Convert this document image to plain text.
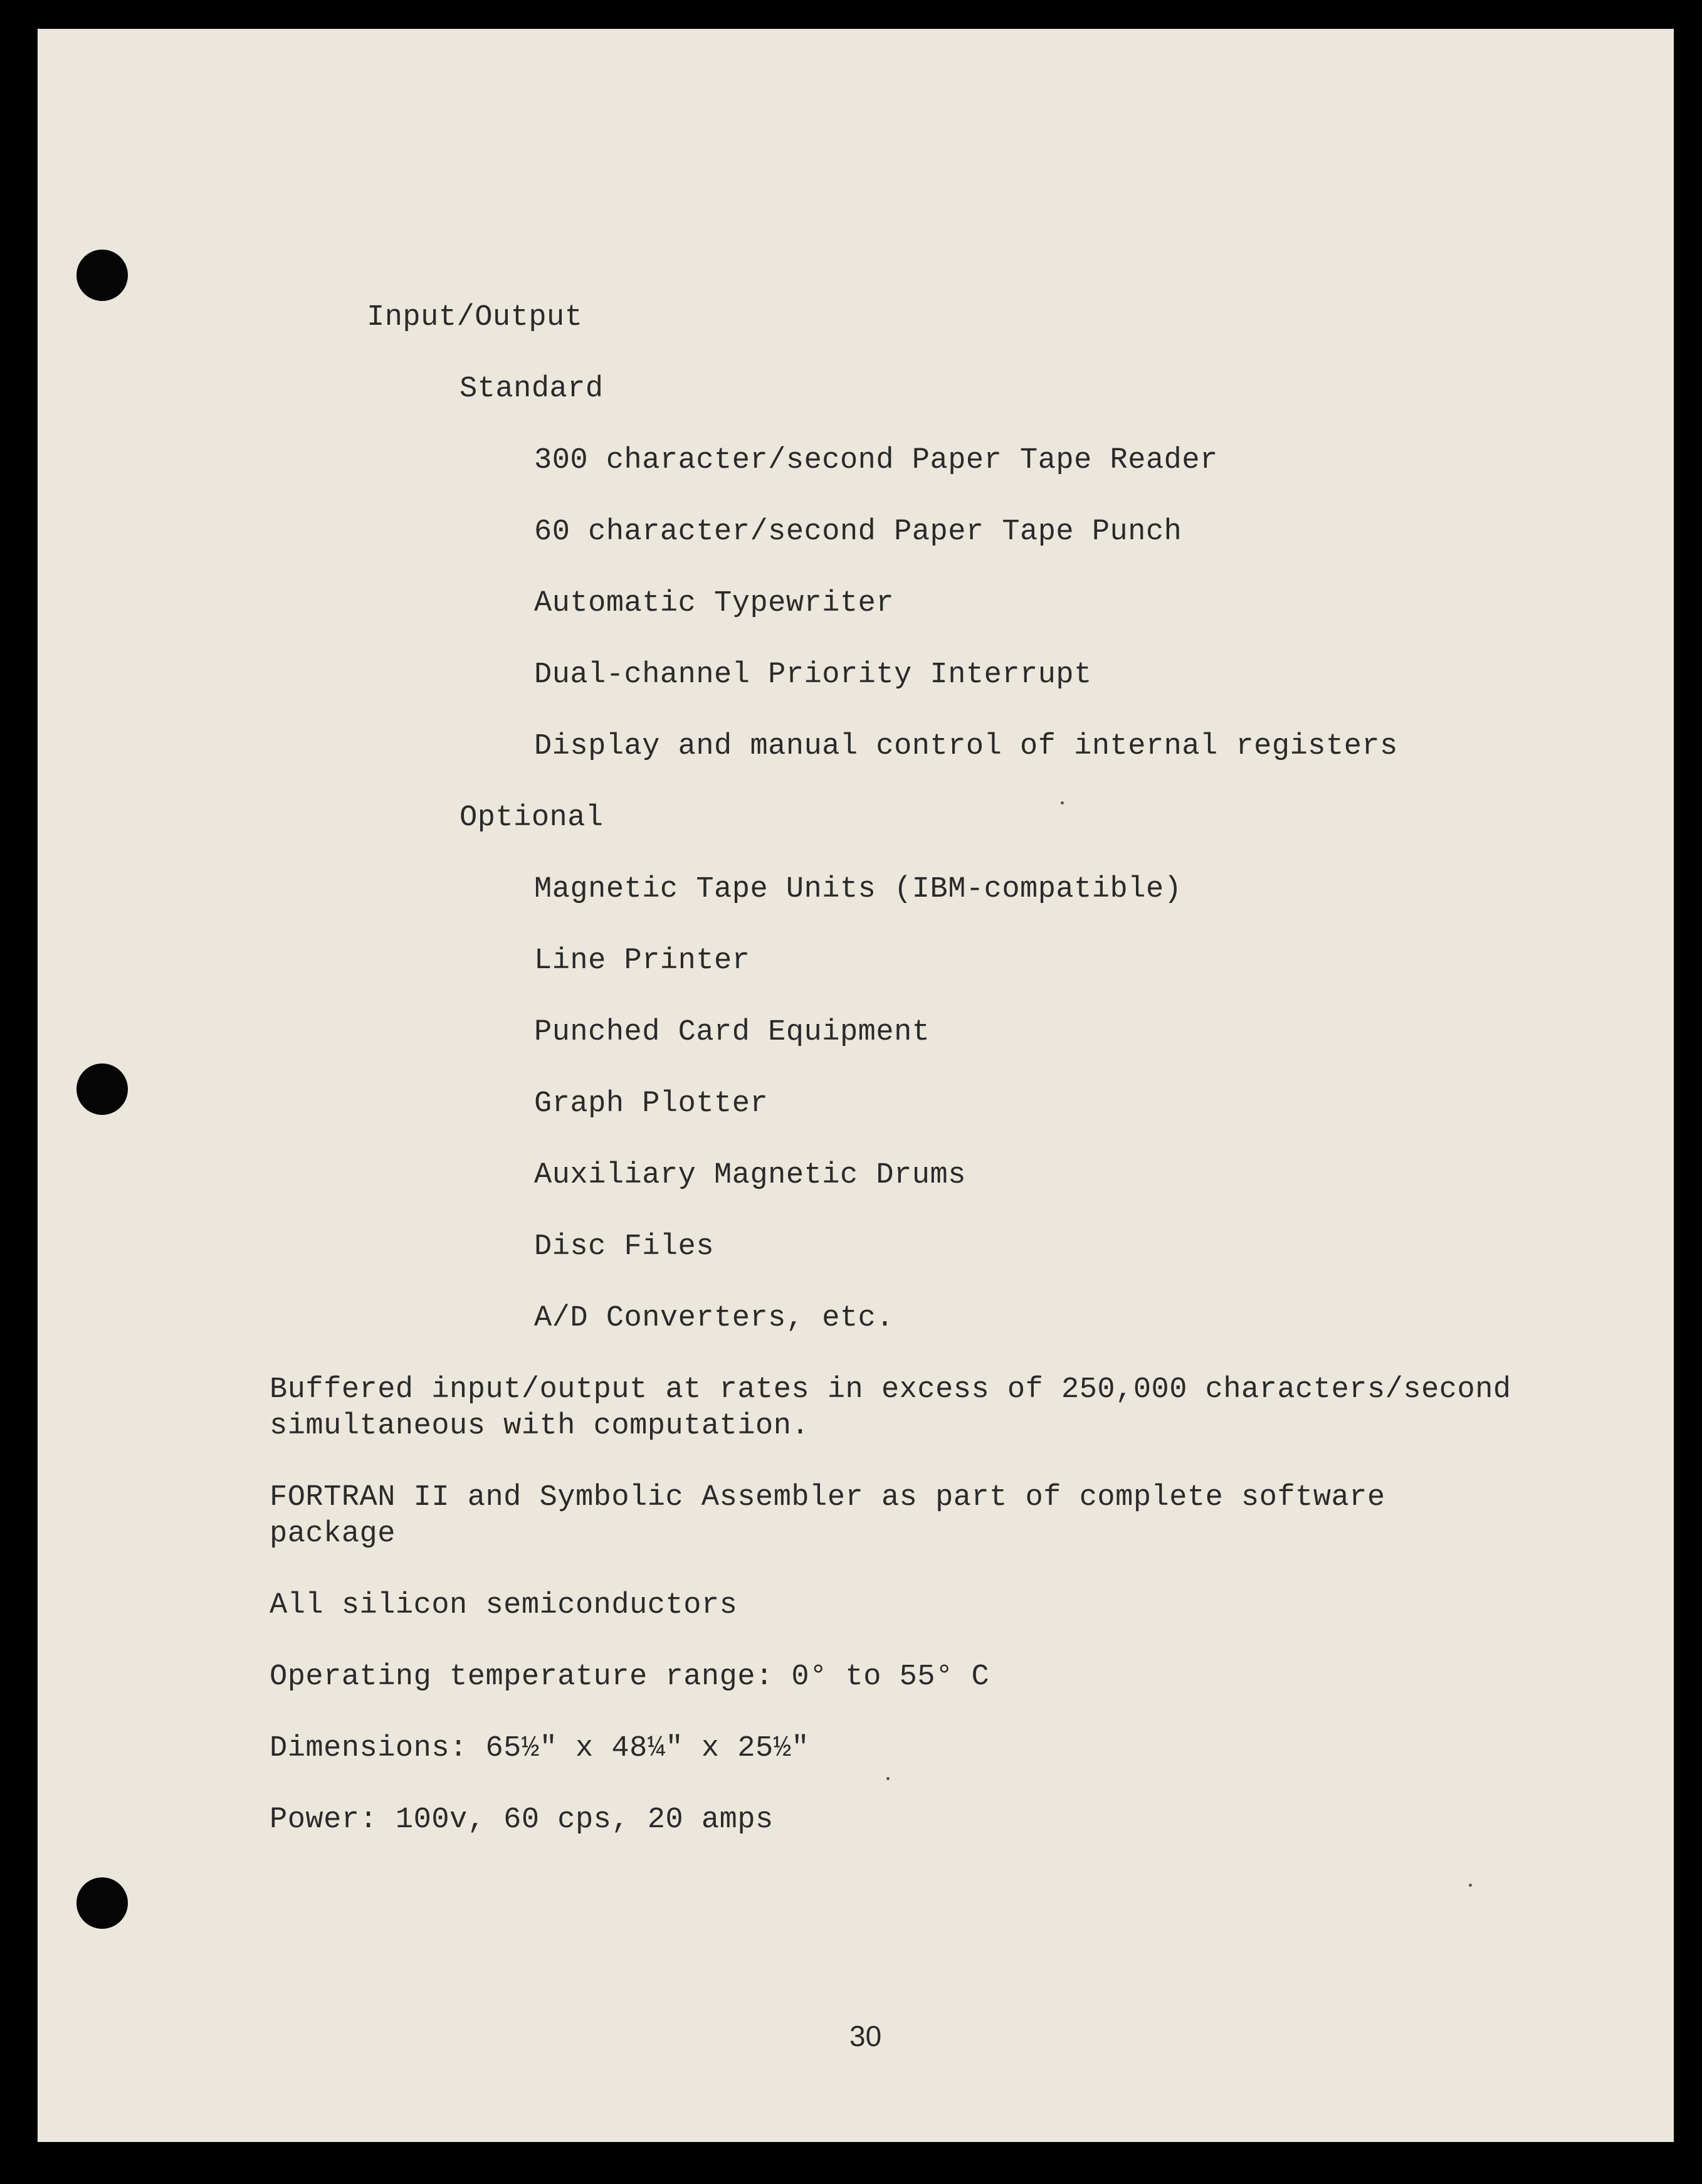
Input/Output
Standard
300 character/second Paper Tape Reader
60 character/second Paper Tape Punch
Automatic Typewriter
Dual-channel Priority Interrupt
Display and manual control of internal registers
Optional
Magnetic Tape Units (IBM-compatible)
Line Printer
Punched Card Equipment
Graph Plotter
Auxiliary Magnetic Drums
Disc Files
A/D Converters, etc.
Buffered input/output at rates in excess of 250,000 characters/second
simultaneous with computation.
FORTRAN II and Symbolic Assembler as part of complete software
package
All silicon semiconductors
Operating temperature range: 0° to 55° C
Dimensions: 65½" x 48¼" x 25½"
Power: 100v, 60 cps, 20 amps
30
